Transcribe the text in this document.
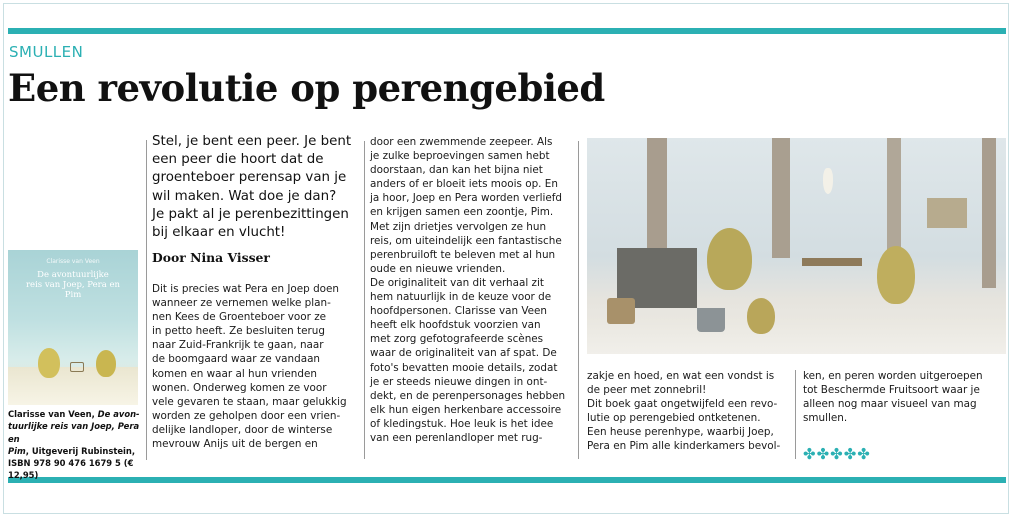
SMULLEN
Een revolutie op perengebied
Clarisse van Veen
De avontuurlijke
reis van Joep, Pera en
Pim
Clarisse van Veen, De avon-
tuurlijke reis van Joep, Pera en
Pim, Uitgeverij Rubinstein,
ISBN 978 90 476 1679 5 (€ 12,95)
Stel, je bent een peer. Je bent
een peer die hoort dat de
groenteboer perensap van je
wil maken. Wat doe je dan?
Je pakt al je perenbezittingen
bij elkaar en vlucht!
Door Nina Visser
Dit is precies wat Pera en Joep doen
wanneer ze vernemen welke plan-
nen Kees de Groenteboer voor ze
in petto heeft. Ze besluiten terug
naar Zuid-Frankrijk te gaan, naar
de boomgaard waar ze vandaan
komen en waar al hun vrienden
wonen. Onderweg komen ze voor
vele gevaren te staan, maar gelukkig
worden ze geholpen door een vrien-
delijke landloper, door de winterse
mevrouw Anijs uit de bergen en
door een zwemmende zeepeer. Als
je zulke beproevingen samen hebt
doorstaan, dan kan het bijna niet
anders of er bloeit iets moois op. En
ja hoor, Joep en Pera worden verliefd
en krijgen samen een zoontje, Pim.
Met zijn drietjes vervolgen ze hun
reis, om uiteindelijk een fantastische
perenbruiloft te beleven met al hun
oude en nieuwe vrienden.
De originaliteit van dit verhaal zit
hem natuurlijk in de keuze voor de
hoofdpersonen. Clarisse van Veen
heeft elk hoofdstuk voorzien van
met zorg gefotografeerde scènes
waar de originaliteit van af spat. De
foto's bevatten mooie details, zodat
je er steeds nieuwe dingen in ont-
dekt, en de perenpersonages hebben
elk hun eigen herkenbare accessoire
of kledingstuk. Hoe leuk is het idee
van een perenlandloper met rug-
zakje en hoed, en wat een vondst is
de peer met zonnebril!
Dit boek gaat ongetwijfeld een revo-
lutie op perengebied ontketenen.
Een heuse perenhype, waarbij Joep,
Pera en Pim alle kinderkamers bevol-
ken, en peren worden uitgeroepen
tot Beschermde Fruitsoort waar je
alleen nog maar visueel van mag
smullen.
✤✤✤✤✤
